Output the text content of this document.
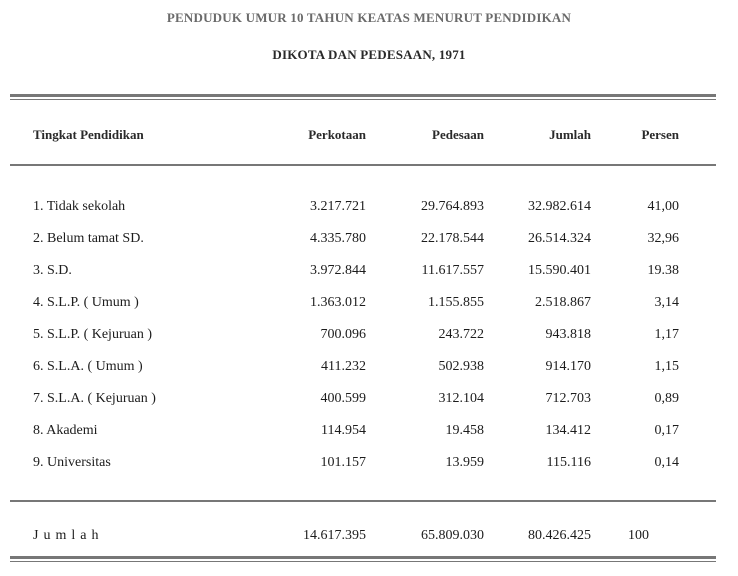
PENDUDUK UMUR 10 TAHUN KEATAS MENURUT PENDIDIKAN
DIKOTA DAN PEDESAAN, 1971
Tingkat Pendidikan	Perkotaan	Pedesaan	Jumlah	Persen
1. Tidak sekolah	3.217.721	29.764.893	32.982.614	41,00
2. Belum tamat SD.	4.335.780	22.178.544	26.514.324	32,96
3. S.D.	3.972.844	11.617.557	15.590.401	19.38
4. S.L.P. ( Umum )	1.363.012	1.155.855	2.518.867	3,14
5. S.L.P. ( Kejuruan )	700.096	243.722	943.818	1,17
6. S.L.A. ( Umum )	411.232	502.938	914.170	1,15
7. S.L.A. ( Kejuruan )	400.599	312.104	712.703	0,89
8. Akademi	114.954	19.458	134.412	0,17
9. Universitas	101.157	13.959	115.116	0,14
Jumlah	14.617.395	65.809.030	80.426.425	100
